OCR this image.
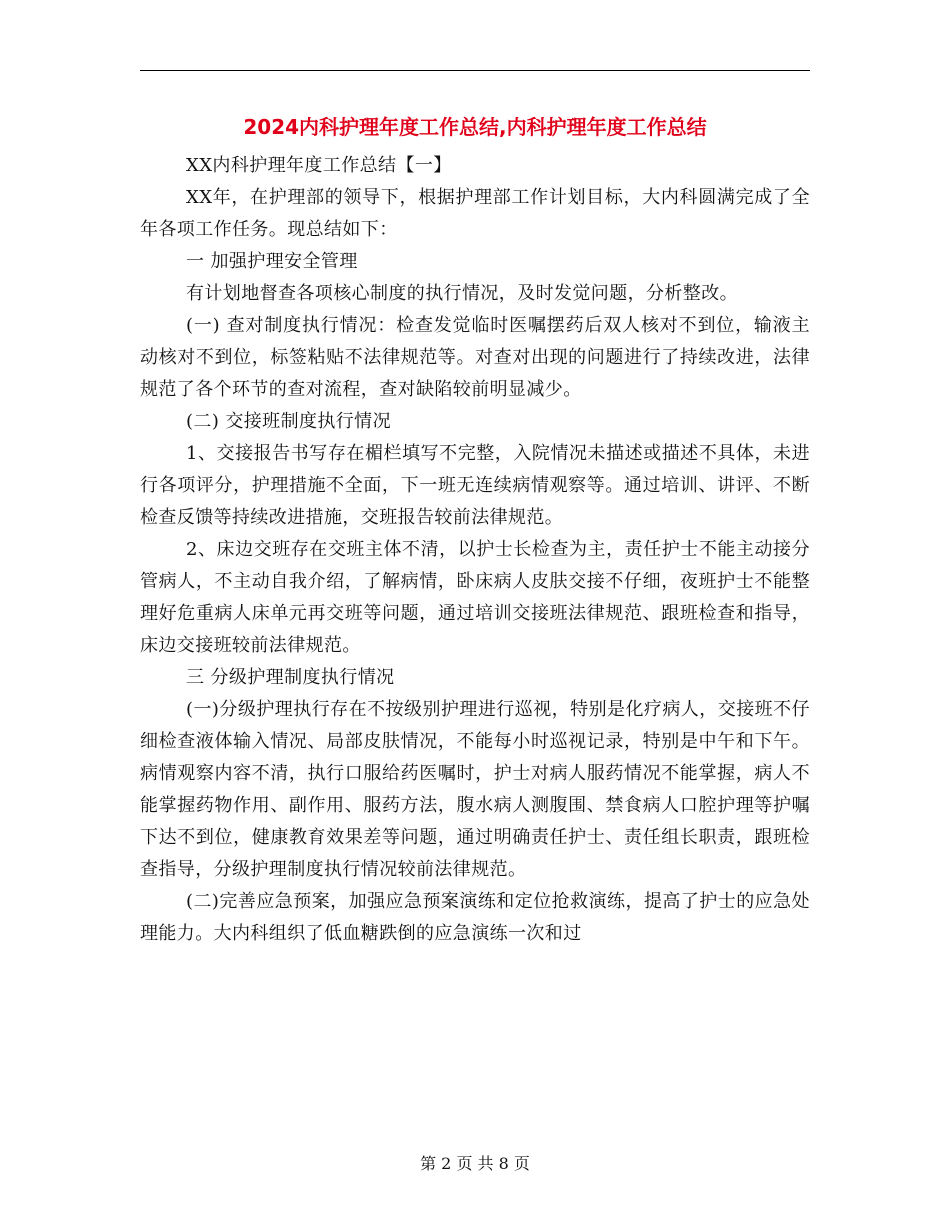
2024内科护理年度工作总结,内科护理年度工作总结

XX内科护理年度工作总结【一】

XX年，在护理部的领导下，根据护理部工作计划目标，大内科圆满完成了全年各项工作任务。现总结如下：

一 加强护理安全管理

有计划地督查各项核心制度的执行情况，及时发觉问题，分析整改。

(一) 查对制度执行情况：检查发觉临时医嘱摆药后双人核对不到位，输液主动核对不到位，标签粘贴不法律规范等。对查对出现的问题进行了持续改进，法律规范了各个环节的查对流程，查对缺陷较前明显减少。

(二) 交接班制度执行情况

1、交接报告书写存在楣栏填写不完整，入院情况未描述或描述不具体，未进行各项评分，护理措施不全面，下一班无连续病情观察等。通过培训、讲评、不断检查反馈等持续改进措施，交班报告较前法律规范。

2、床边交班存在交班主体不清，以护士长检查为主，责任护士不能主动接分管病人，不主动自我介绍，了解病情，卧床病人皮肤交接不仔细，夜班护士不能整理好危重病人床单元再交班等问题，通过培训交接班法律规范、跟班检查和指导，床边交接班较前法律规范。

三 分级护理制度执行情况

(一)分级护理执行存在不按级别护理进行巡视，特别是化疗病人，交接班不仔细检查液体输入情况、局部皮肤情况，不能每小时巡视记录，特别是中午和下午。病情观察内容不清，执行口服给药医嘱时，护士对病人服药情况不能掌握，病人不能掌握药物作用、副作用、服药方法，腹水病人测腹围、禁食病人口腔护理等护嘱下达不到位，健康教育效果差等问题，通过明确责任护士、责任组长职责，跟班检查指导，分级护理制度执行情况较前法律规范。

(二)完善应急预案，加强应急预案演练和定位抢救演练，提高了护士的应急处理能力。大内科组织了低血糖跌倒的应急演练一次和过

第 2 页 共 8 页
